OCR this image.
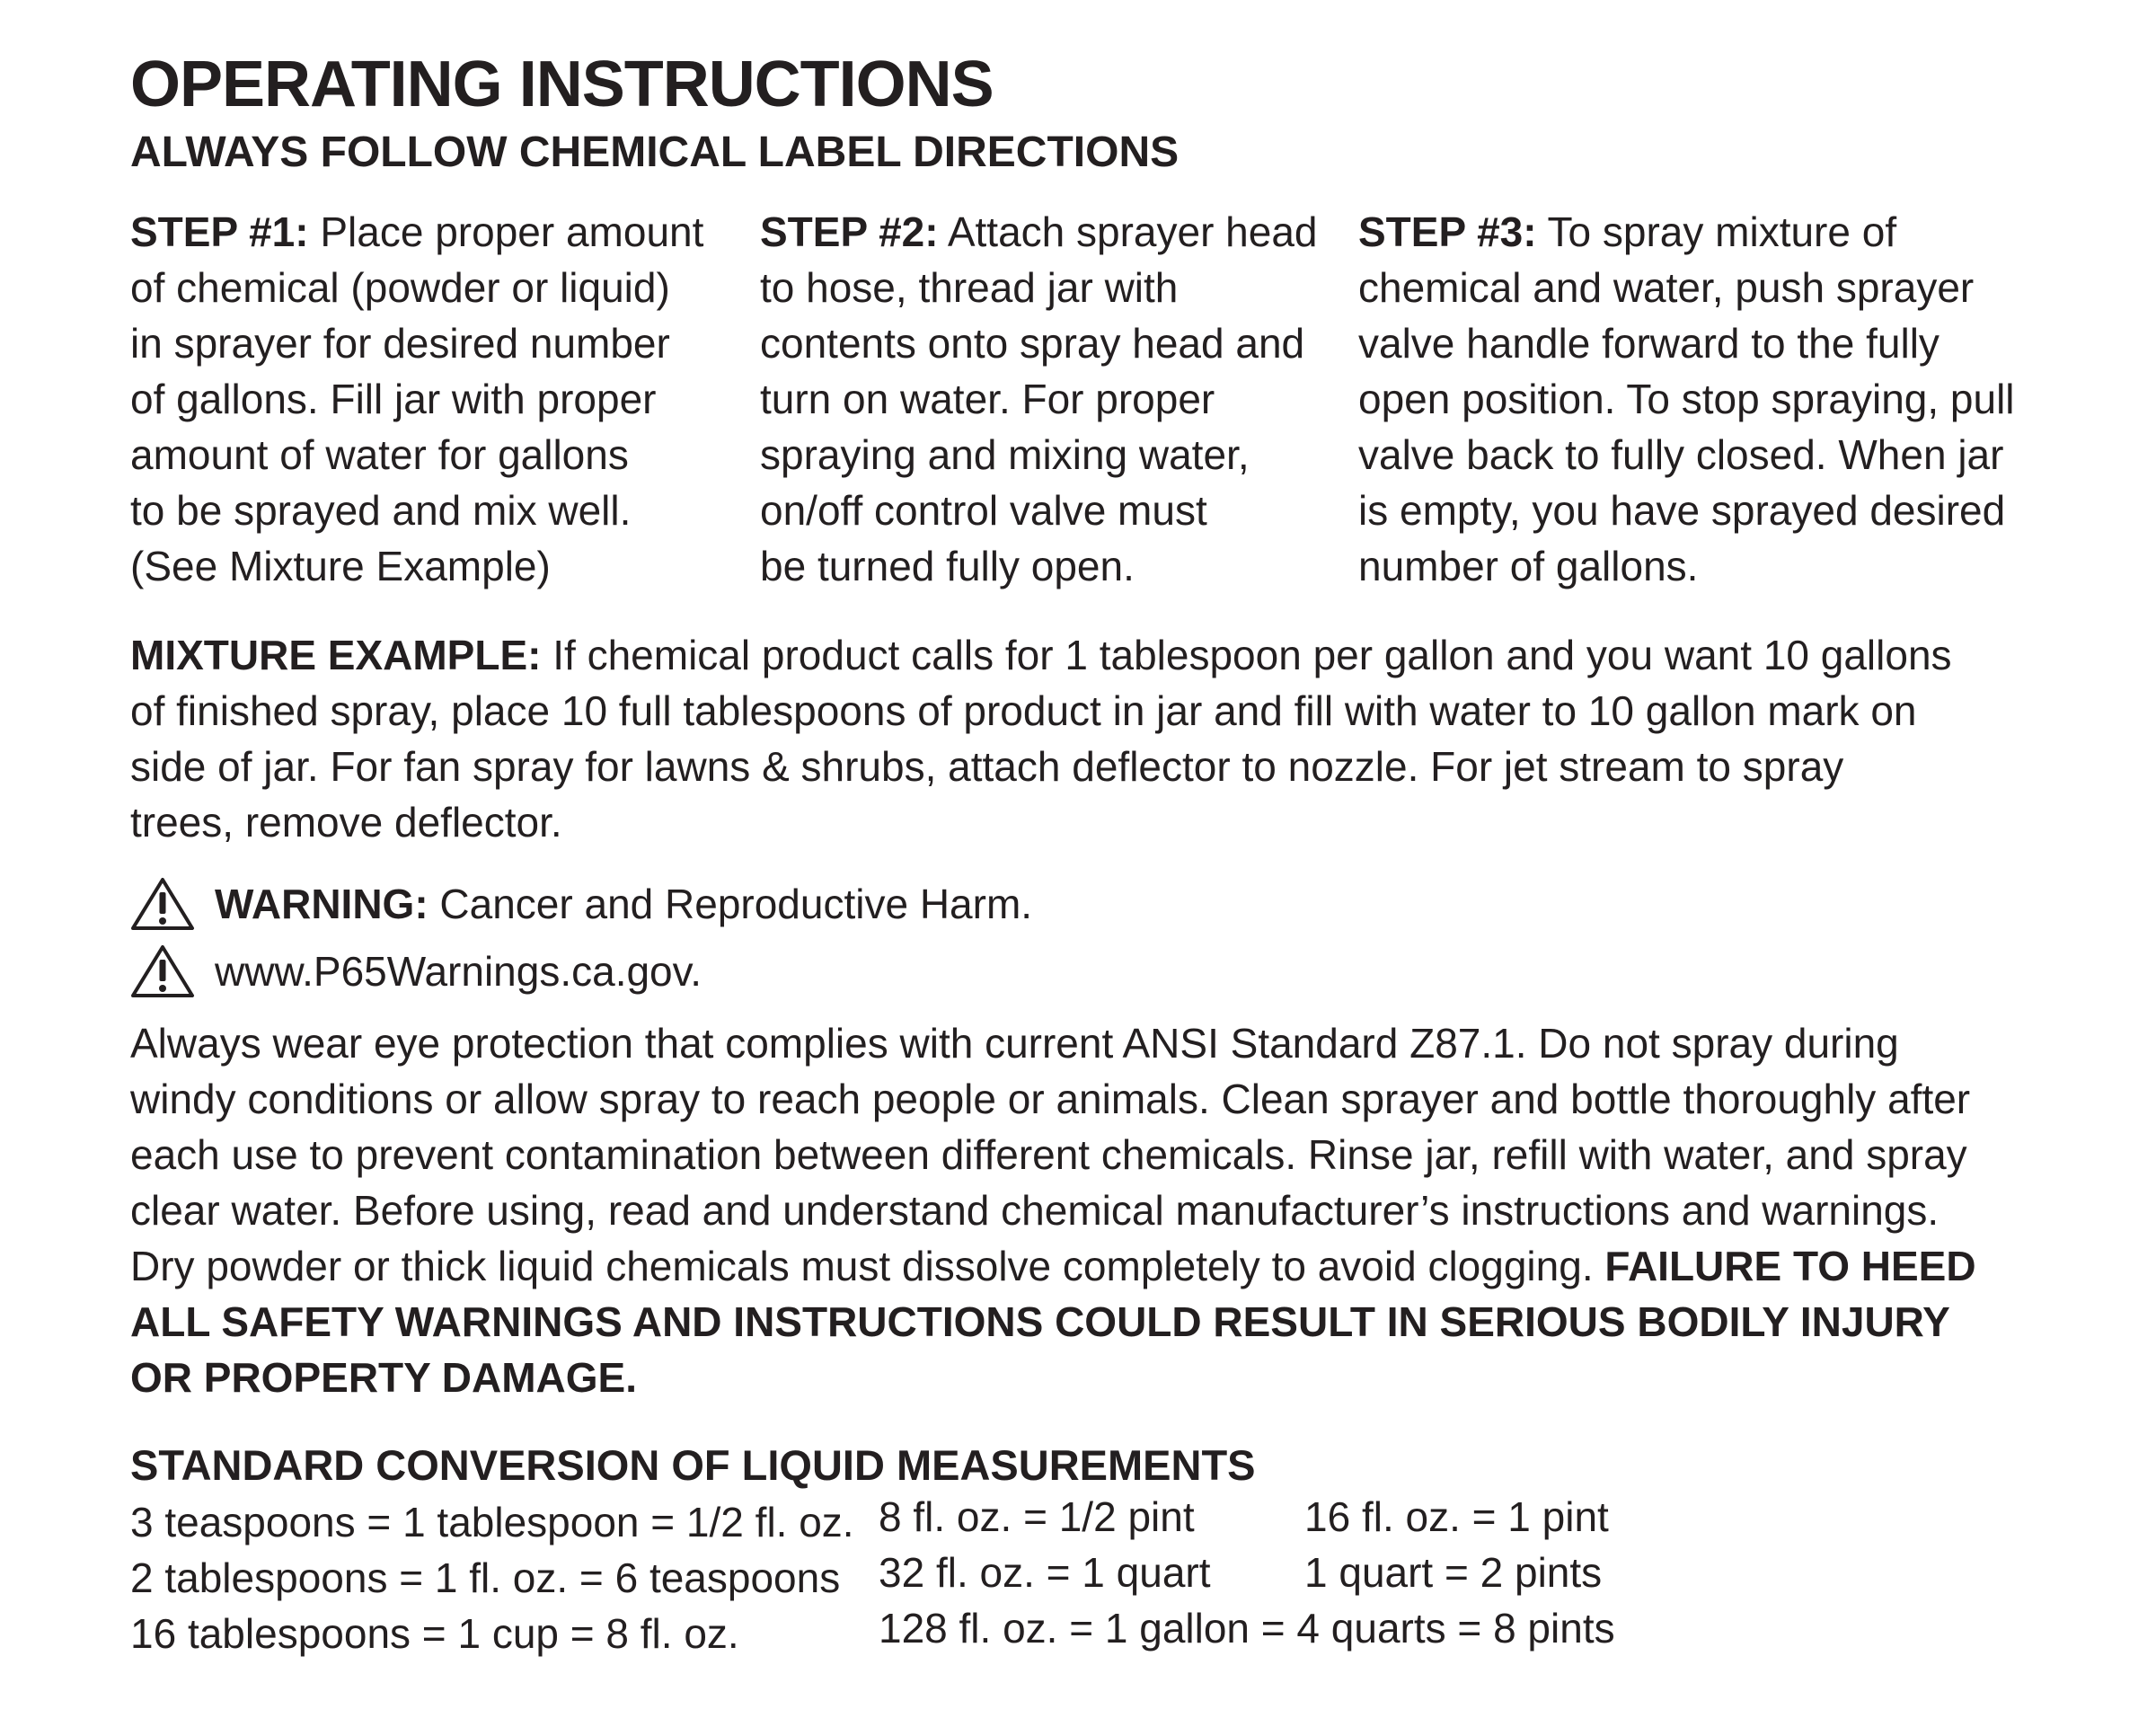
OPERATING INSTRUCTIONS
ALWAYS FOLLOW CHEMICAL LABEL DIRECTIONS

STEP #1: Place proper amount
of chemical (powder or liquid)
in sprayer for desired number
of gallons. Fill jar with proper
amount of water for gallons
to be sprayed and mix well.
(See Mixture Example)

STEP #2: Attach sprayer head
to hose, thread jar with
contents onto spray head and
turn on water. For proper
spraying and mixing water,
on/off control valve must
be turned fully open.

STEP #3: To spray mixture of
chemical and water, push sprayer
valve handle forward to the fully
open position. To stop spraying, pull
valve back to fully closed. When jar
is empty, you have sprayed desired
number of gallons.

MIXTURE EXAMPLE: If chemical product calls for 1 tablespoon per gallon and you want 10 gallons
of finished spray, place 10 full tablespoons of product in jar and fill with water to 10 gallon mark on
side of jar. For fan spray for lawns & shrubs, attach deflector to nozzle. For jet stream to spray
trees, remove deflector.

WARNING: Cancer and Reproductive Harm.
www.P65Warnings.ca.gov.

Always wear eye protection that complies with current ANSI Standard Z87.1. Do not spray during
windy conditions or allow spray to reach people or animals. Clean sprayer and bottle thoroughly after
each use to prevent contamination between different chemicals. Rinse jar, refill with water, and spray
clear water. Before using, read and understand chemical manufacturer’s instructions and warnings.
Dry powder or thick liquid chemicals must dissolve completely to avoid clogging. FAILURE TO HEED
ALL SAFETY WARNINGS AND INSTRUCTIONS COULD RESULT IN SERIOUS BODILY INJURY
OR PROPERTY DAMAGE.

STANDARD CONVERSION OF LIQUID MEASUREMENTS
3 teaspoons = 1 tablespoon = 1/2 fl. oz.
2 tablespoons = 1 fl. oz. = 6 teaspoons
16 tablespoons = 1 cup = 8 fl. oz.
8 fl. oz. = 1/2 pint
32 fl. oz. = 1 quart
16 fl. oz. = 1 pint
1 quart = 2 pints
128 fl. oz. = 1 gallon = 4 quarts = 8 pints
